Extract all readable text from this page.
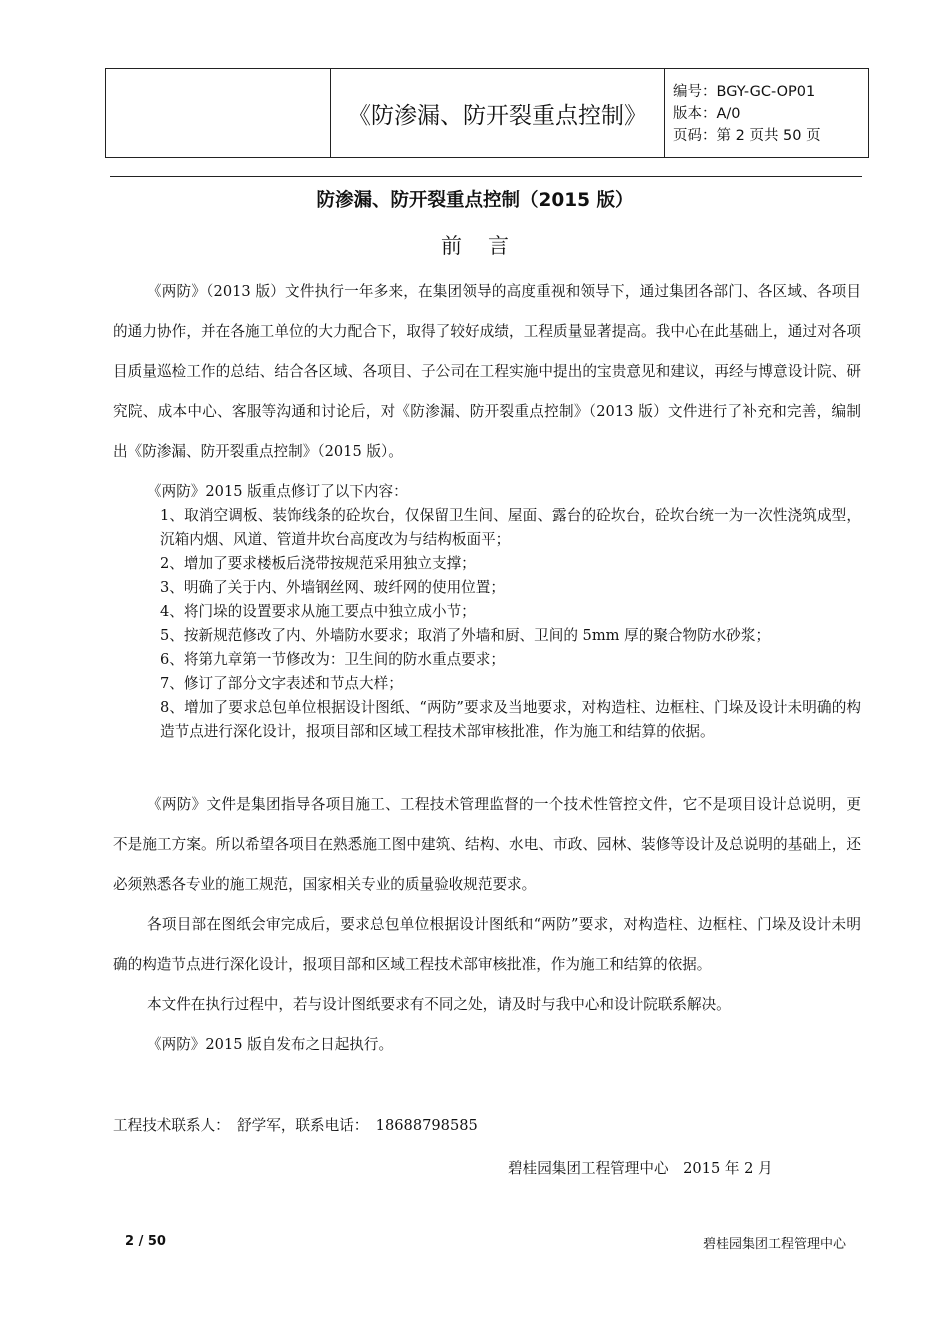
《防渗漏、防开裂重点控制》
编号：BGY-GC-OP01
版本：A/0
页码：第 2 页共 50 页
防渗漏、防开裂重点控制（2015 版）
前言

《两防》（2013 版）文件执行一年多来，在集团领导的高度重视和领导下，通过集团各部门、各区域、各项目的通力协作，并在各施工单位的大力配合下，取得了较好成绩，工程质量显著提高。我中心在此基础上，通过对各项目质量巡检工作的总结、结合各区域、各项目、子公司在工程实施中提出的宝贵意见和建议，再经与博意设计院、研究院、成本中心、客服等沟通和讨论后，对《防渗漏、防开裂重点控制》（2013 版）文件进行了补充和完善，编制出《防渗漏、防开裂重点控制》（2015 版）。

《两防》2015 版重点修订了以下内容：

1、取消空调板、装饰线条的砼坎台，仅保留卫生间、屋面、露台的砼坎台，砼坎台统一为一次性浇筑成型，沉箱内烟、风道、管道井坎台高度改为与结构板面平；

2、增加了要求楼板后浇带按规范采用独立支撑；

3、明确了关于内、外墙钢丝网、玻纤网的使用位置；

4、将门垛的设置要求从施工要点中独立成小节；

5、按新规范修改了内、外墙防水要求；取消了外墙和厨、卫间的 5mm 厚的聚合物防水砂浆；

6、将第九章第一节修改为：卫生间的防水重点要求；

7、修订了部分文字表述和节点大样；

8、增加了要求总包单位根据设计图纸、“两防”要求及当地要求，对构造柱、边框柱、门垛及设计未明确的构造节点进行深化设计，报项目部和区域工程技术部审核批准，作为施工和结算的依据。

《两防》文件是集团指导各项目施工、工程技术管理监督的一个技术性管控文件，它不是项目设计总说明，更不是施工方案。所以希望各项目在熟悉施工图中建筑、结构、水电、市政、园林、装修等设计及总说明的基础上，还必须熟悉各专业的施工规范，国家相关专业的质量验收规范要求。

各项目部在图纸会审完成后，要求总包单位根据设计图纸和“两防”要求，对构造柱、边框柱、门垛及设计未明确的构造节点进行深化设计，报项目部和区域工程技术部审核批准，作为施工和结算的依据。

本文件在执行过程中，若与设计图纸要求有不同之处，请及时与我中心和设计院联系解决。

《两防》2015 版自发布之日起执行。

工程技术联系人：　舒学军，联系电话：　18688798585
碧桂园集团工程管理中心　2015 年 2 月
2 / 50	碧桂园集团工程管理中心
